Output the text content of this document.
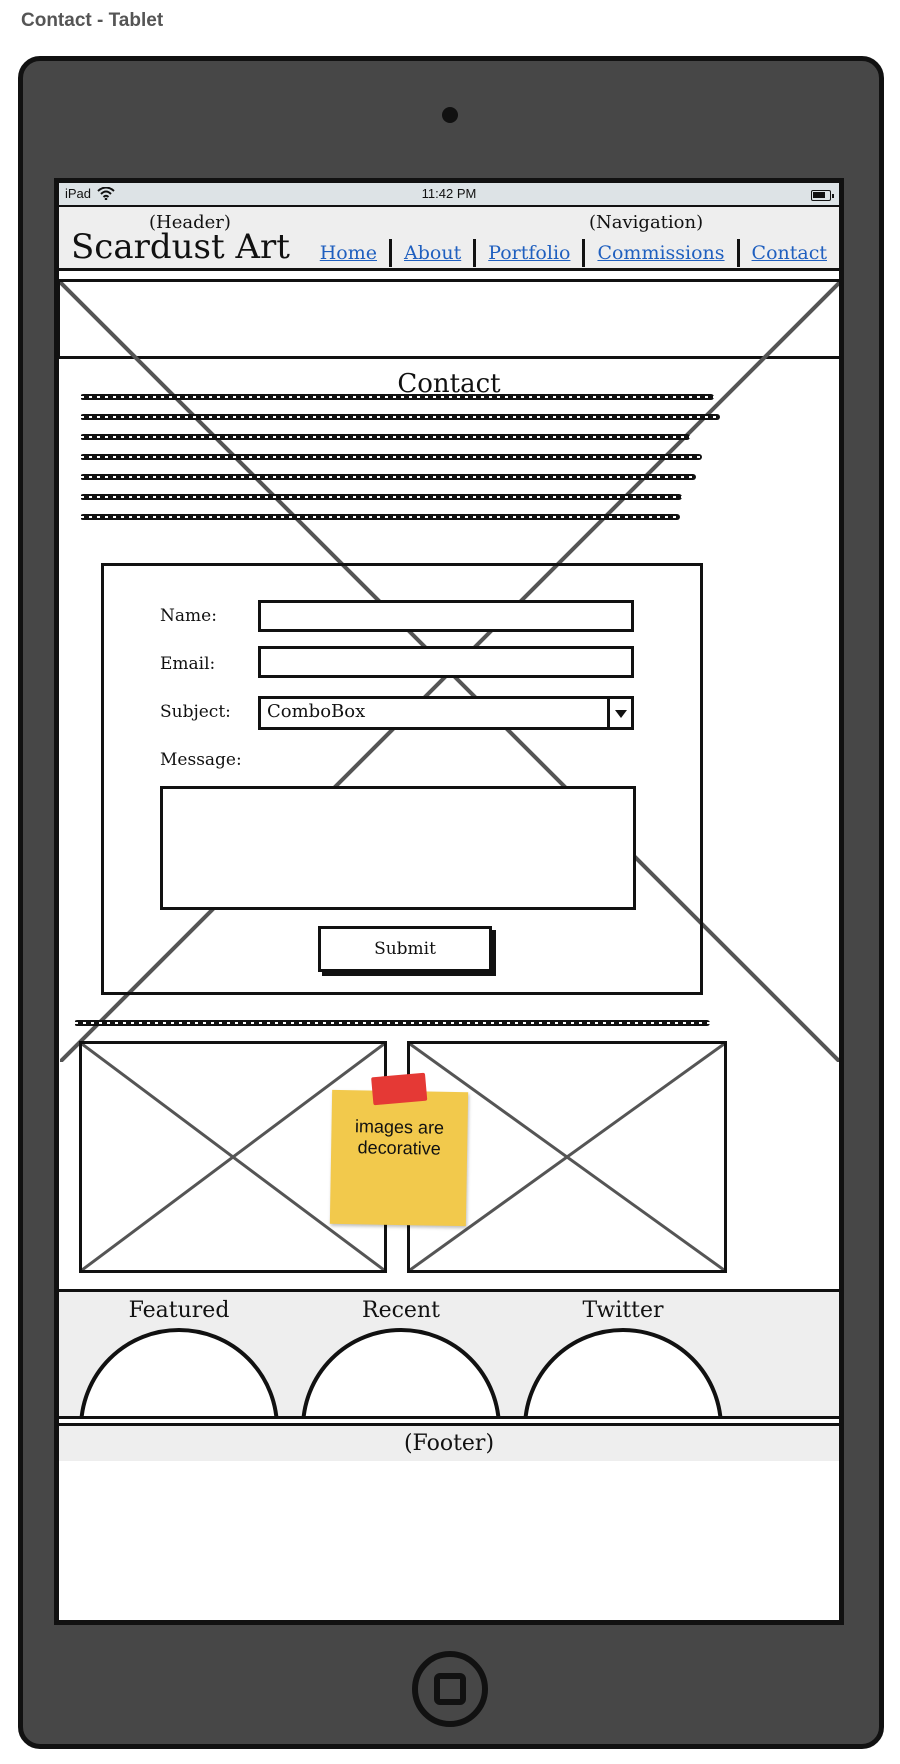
Contact - Tablet
iPad	11:42 PM
(Header)
Scardust Art
(Navigation)
Home About Portfolio Commissions Contact
Contact
Name:
Email:
Subject:	ComboBox
Message:
Submit
images are decorative
Featured	Recent	Twitter
(Footer)
